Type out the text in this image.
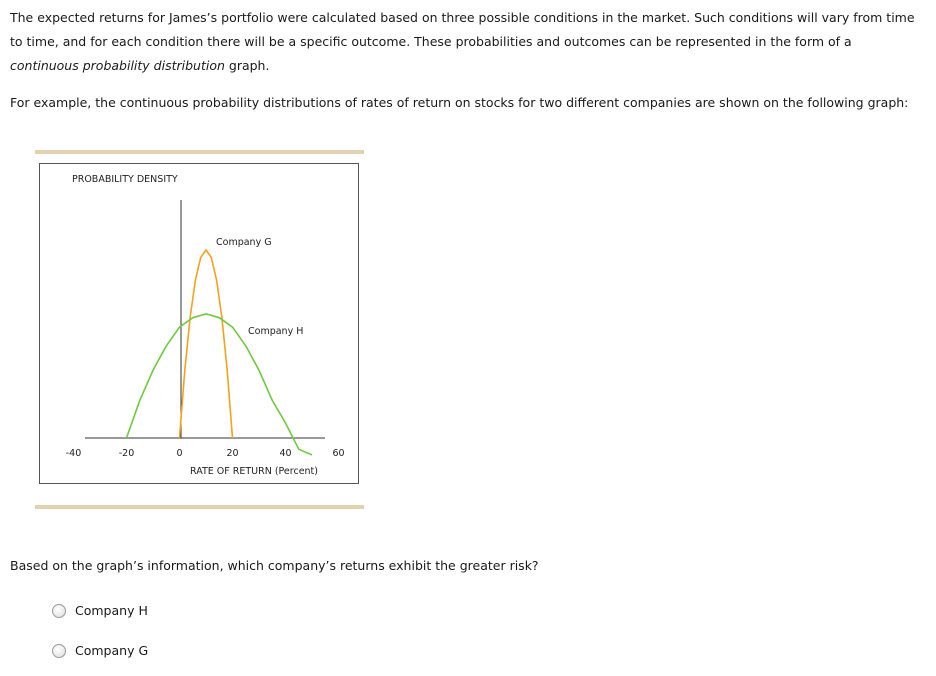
The expected returns for James’s portfolio were calculated based on three possible conditions in the market. Such conditions will vary from time to time, and for each condition there will be a specific outcome. These probabilities and outcomes can be represented in the form of a continuous probability distribution graph.
For example, the continuous probability distributions of rates of return on stocks for two different companies are shown on the following graph:
PROBABILITY DENSITY
-40	-20	0	20	40	60
RATE OF RETURN (Percent)
Company G
Company H
Based on the graph’s information, which company’s returns exhibit the greater risk?
Company H
Company G
